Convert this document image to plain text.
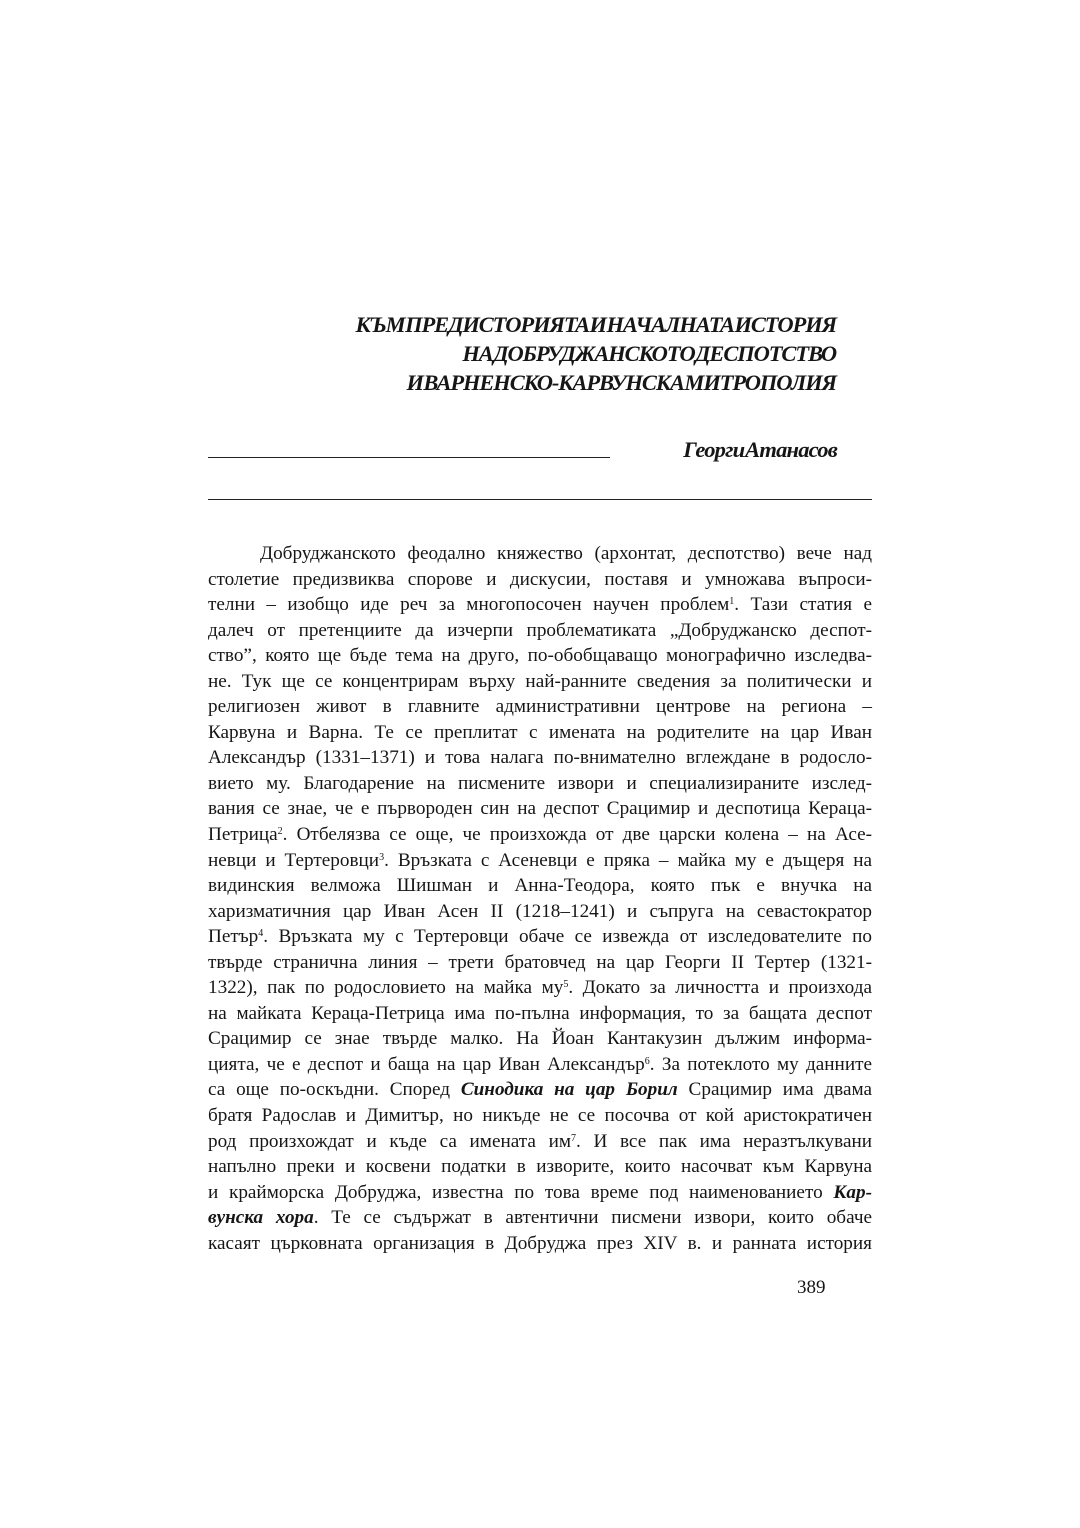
КЪМ ПРЕДИСТОРИЯТА И НАЧАЛНАТА ИСТОРИЯ
НА ДОБРУДЖАНСКОТО ДЕСПОТСТВО
И ВАРНЕНСКО-КАРВУНСКА МИТРОПОЛИЯ
Георги Атанасов
Добруджанското феодално княжество (архонтат, деспотство) вече над
столетие предизвиква спорове и дискусии, поставя и умножава въпроси-
телни – изобщо иде реч за многопосочен научен проблем$^1$. Тази статия е
далеч от претенциите да изчерпи проблематиката „Добруджанско деспот-
ство”, която ще бъде тема на друго, по-обобщаващо монографично изследва-
не. Тук ще се концентрирам върху най-ранните сведения за политически и
религиозен живот в главните административни центрове на региона –
Карвуна и Варна. Те се преплитат с имената на родителите на цар Иван
Александър (1331–1371) и това налага по-внимателно вглеждане в родосло-
вието му. Благодарение на писмените извори и специализираните изслед-
вания се знае, че е първороден син на деспот Срацимир и деспотица Кераца-
Петрица$^2$. Отбелязва се още, че произхожда от две царски колена – на Асе-
невци и Тертеровци$^3$. Връзката с Асеневци е пряка – майка му е дъщеря на
видинския велможа Шишман и Анна-Теодора, която пък е внучка на
харизматичния цар Иван Асен II (1218–1241) и съпруга на севастократор
Петър$^4$. Връзката му с Тертеровци обаче се извежда от изследователите по
твърде странична линия – трети братовчед на цар Георги II Тертер (1321-
1322), пак по родословието на майка $му^5$. Докато за личността и произхода
на майката Кераца-Петрица има по-пълна информация, то за бащата деспот
Срацимир се знае твърде малко. На Йоан Кантакузин дължим информа-
цията, че е деспот и баща на цар Иван Александър$^6$. За потеклото му данните
са още по-оскъдни. Според Синодика на цар Борил Срацимир има двама
братя Радослав и Димитър, но никъде не се посочва от кой аристократичен
род произхождат и къде са имената $им^7$. И все пак има неразтълкувани
напълно преки и косвени податки в изворите, които насочват към Карвуна
и крайморска Добруджа, известна по това време под наименованието Кар-
вунска хора. Те се съдържат в автентични писмени извори, които обаче
касаят църковната организация в Добруджа през XIV в. и ранната история
389
